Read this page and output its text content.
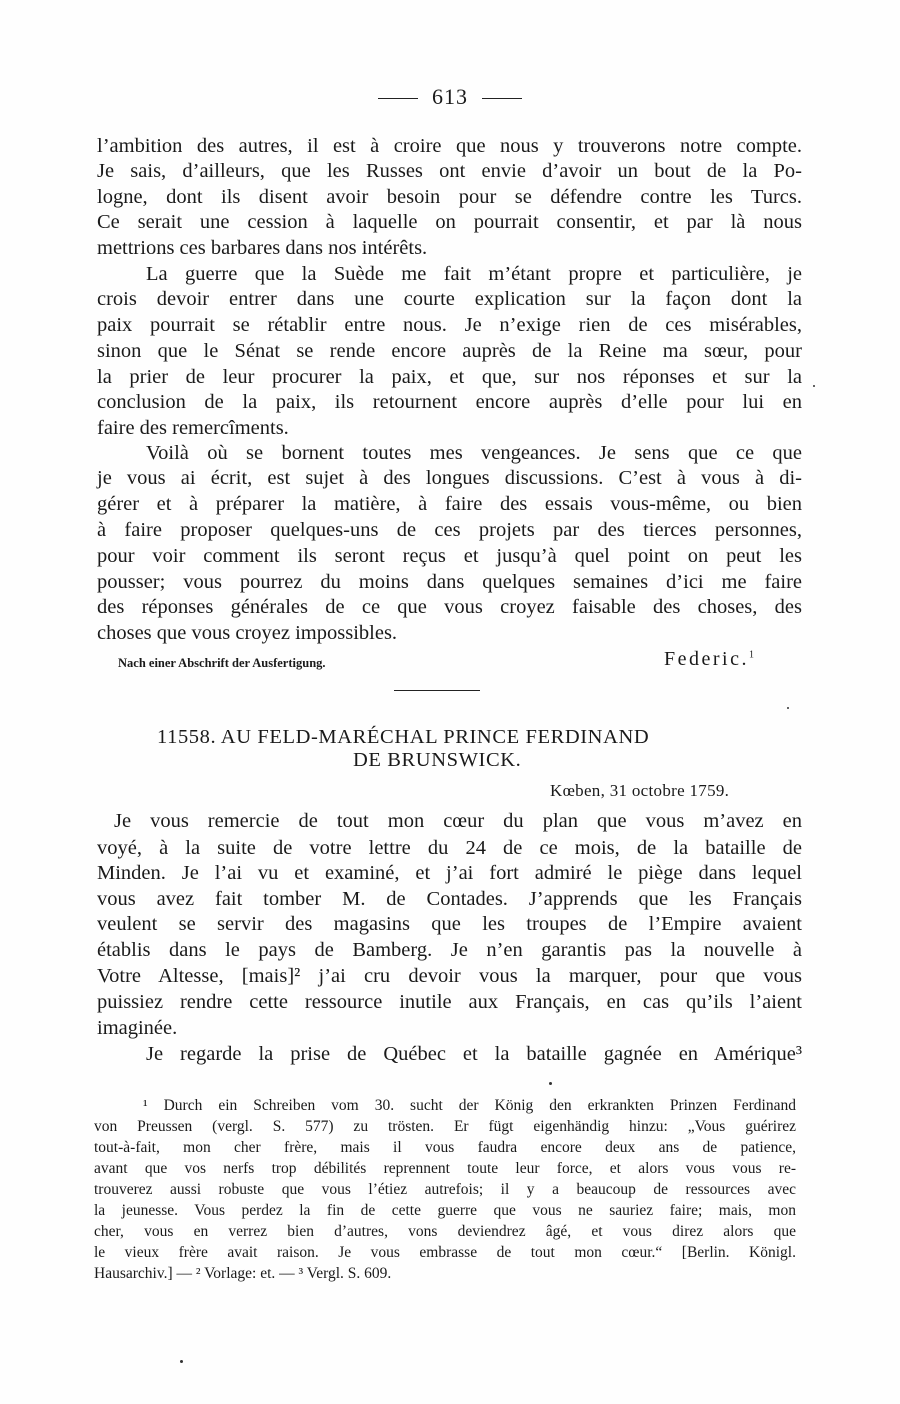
613
l’ambition des autres, il est à croire que nous y trouverons notre compte.
Je sais, d’ailleurs, que les Russes ont envie d’avoir un bout de la Po-
logne, dont ils disent avoir besoin pour se défendre contre les Turcs.
Ce serait une cession à laquelle on pourrait consentir, et par là nous
mettrions ces barbares dans nos intérêts.
La guerre que la Suède me fait m’étant propre et particulière, je
crois devoir entrer dans une courte explication sur la façon dont la
paix pourrait se rétablir entre nous. Je n’exige rien de ces misérables,
sinon que le Sénat se rende encore auprès de la Reine ma sœur, pour
la prier de leur procurer la paix, et que, sur nos réponses et sur la
conclusion de la paix, ils retournent encore auprès d’elle pour lui en
faire des remercîments.
Voilà où se bornent toutes mes vengeances. Je sens que ce que
je vous ai écrit, est sujet à des longues discussions. C’est à vous à di-
gérer et à préparer la matière, à faire des essais vous-même, ou bien
à faire proposer quelques-uns de ces projets par des tierces personnes,
pour voir comment ils seront reçus et jusqu’à quel point on peut les
pousser; vous pourrez du moins dans quelques semaines d’ici me faire
des réponses générales de ce que vous croyez faisable des choses, des
choses que vous croyez impossibles.
Nach einer Abschrift der Ausfertigung.	Federic.$^1$
11558. AU FELD-MARÉCHAL PRINCE FERDINAND
DE BRUNSWICK.
Kœben, 31 octobre 1759.
Je vous remercie de tout mon cœur du plan que vous m’avez en
voyé, à la suite de votre lettre du 24 de ce mois, de la bataille de
Minden. Je l’ai vu et examiné, et j’ai fort admiré le piège dans lequel
vous avez fait tomber M. de Contades. J’apprends que les Français
veulent se servir des magasins que les troupes de l’Empire avaient
établis dans le pays de Bamberg. Je n’en garantis pas la nouvelle à
Votre Altesse, [mais]² j’ai cru devoir vous la marquer, pour que vous
puissiez rendre cette ressource inutile aux Français, en cas qu’ils l’aient
imaginée.
Je regarde la prise de Québec et la bataille gagnée en Amérique³
¹ Durch ein Schreiben vom 30. sucht der König den erkrankten Prinzen Ferdinand
von Preussen (vergl. S. 577) zu trösten. Er fügt eigenhändig hinzu: „Vous guérirez
tout-à-fait, mon cher frère, mais il vous faudra encore deux ans de patience,
avant que vos nerfs trop débilités reprennent toute leur force, et alors vous vous re-
trouverez aussi robuste que vous l’étiez autrefois; il y a beaucoup de ressources avec
la jeunesse. Vous perdez la fin de cette guerre que vous ne sauriez faire; mais, mon
cher, vous en verrez bien d’autres, vons deviendrez âgé, et vous direz alors que
le vieux frère avait raison. Je vous embrasse de tout mon cœur.“ [Berlin. Königl.
Hausarchiv.] — ² Vorlage: et. — ³ Vergl. S. 609.
